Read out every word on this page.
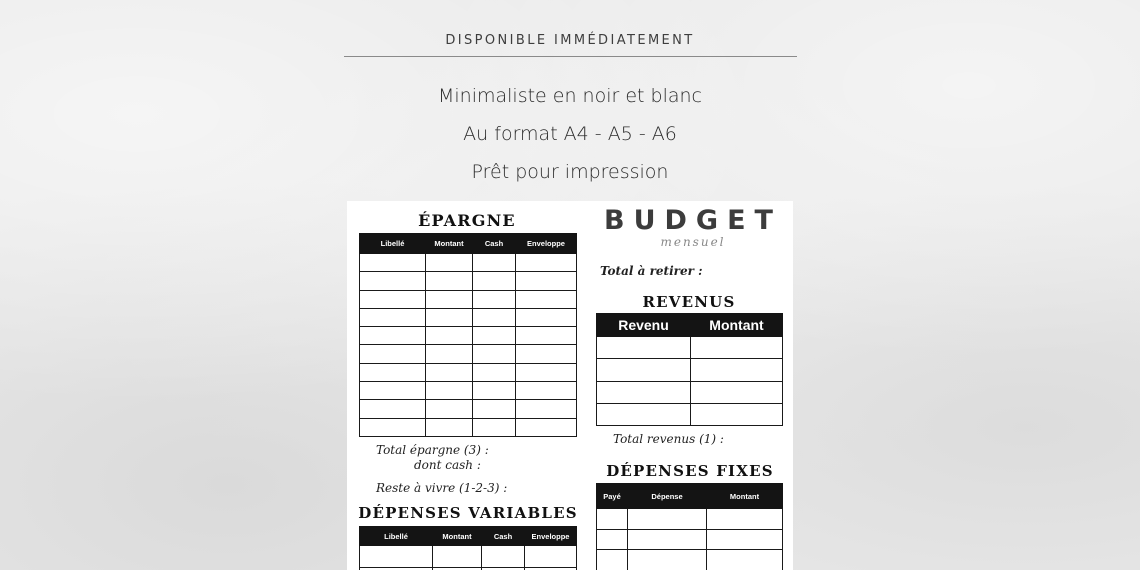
DISPONIBLE IMMÉDIATEMENT
Minimaliste en noir et blanc
Au format A4 - A5 - A6
Prêt pour impression
ÉPARGNE
Libellé	Montant	Cash	Enveloppe

Total épargne (3) :
dont cash :
Reste à vivre (1-2-3) :
DÉPENSES VARIABLES
Libellé	Montant	Cash	Enveloppe

BUDGET
mensuel
Total à retirer :
REVENUS
Revenu	Montant

Total revenus (1) :
DÉPENSES FIXES
Payé	Dépense	Montant
